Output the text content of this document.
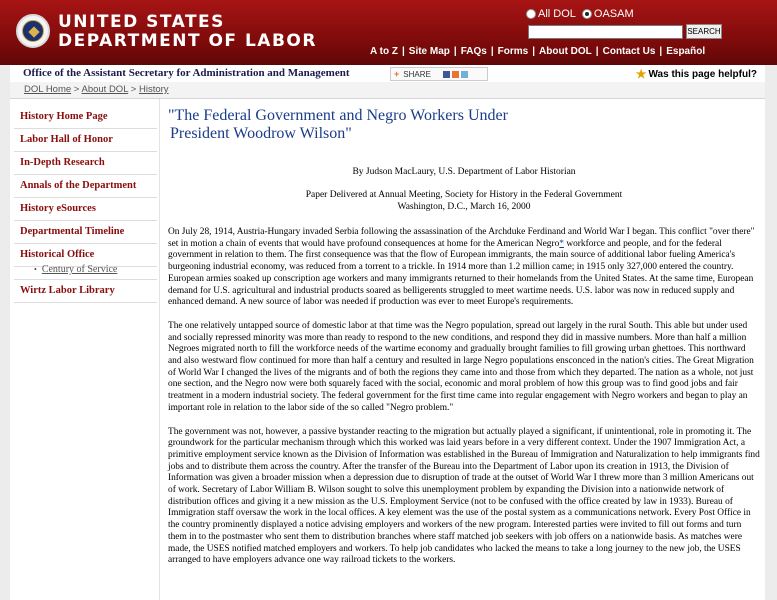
UNITED STATES
DEPARTMENT OF LABOR
All DOL OASAM
SEARCH
A to Z | Site Map | FAQs | Forms | About DOL | Contact Us | Español
Office of the Assistant Secretary for Administration and Management	+ SHARE	★ Was this page helpful?
DOL Home > About DOL > History
History Home Page
Labor Hall of Honor
In-Depth Research
Annals of the Department
History eSources
Departmental Timeline
Historical Office
• Century of Service
Wirtz Labor Library
"The Federal Government and Negro Workers Under
President Woodrow Wilson"
By Judson MacLaury, U.S. Department of Labor Historian
Paper Delivered at Annual Meeting, Society for History in the Federal Government
Washington, D.C., March 16, 2000

On July 28, 1914, Austria-Hungary invaded Serbia following the assassination of the Archduke Ferdinand and World War I began. This conflict "over there" set in motion a chain of events that would have profound consequences at home for the American Negro* workforce and people, and for the federal government in relation to them. The first consequence was that the flow of European immigrants, the main source of additional labor fueling America's burgeoning industrial economy, was reduced from a torrent to a trickle. In 1914 more than 1.2 million came; in 1915 only 327,000 entered the country. European armies soaked up conscription age workers and many immigrants returned to their homelands from the United States. At the same time, European demand for U.S. agricultural and industrial products soared as belligerents struggled to meet wartime needs. U.S. labor was now in reduced supply and enhanced demand. A new source of labor was needed if production was ever to meet Europe's requirements.

The one relatively untapped source of domestic labor at that time was the Negro population, spread out largely in the rural South. This able but under used and socially repressed minority was more than ready to respond to the new conditions, and respond they did in massive numbers. More than half a million Negroes migrated north to fill the workforce needs of the wartime economy and gradually brought families to fill growing urban ghettoes. This northward and also westward flow continued for more than half a century and resulted in large Negro populations ensconced in the nation's cities. The Great Migration of World War I changed the lives of the migrants and of both the regions they came into and those from which they departed. The nation as a whole, not just one section, and the Negro now were both squarely faced with the social, economic and moral problem of how this group was to find good jobs and fair treatment in a modern industrial society. The federal government for the first time came into regular engagement with Negro workers and began to play an important role in relation to the labor side of the so called "Negro problem."

The government was not, however, a passive bystander reacting to the migration but actually played a significant, if unintentional, role in promoting it. The groundwork for the particular mechanism through which this worked was laid years before in a very different context. Under the 1907 Immigration Act, a primitive employment service known as the Division of Information was established in the Bureau of Immigration and Naturalization to help immigrants find jobs and to distribute them across the country. After the transfer of the Bureau into the Department of Labor upon its creation in 1913, the Division of Information was given a broader mission when a depression due to disruption of trade at the outset of World War I threw more than 3 million Americans out of work. Secretary of Labor William B. Wilson sought to solve this unemployment problem by expanding the Division into a nationwide network of distribution offices and giving it a new mission as the U.S. Employment Service (not to be confused with the office created by law in 1933). Bureau of Immigration staff oversaw the work in the local offices. A key element was the use of the postal system as a communications network. Every Post Office in the country prominently displayed a notice advising employers and workers of the new program. Interested parties were invited to fill out forms and turn them in to the postmaster who sent them to distribution branches where staff matched job seekers with job offers on a nationwide basis. As matches were made, the USES notified matched employers and workers. To help job candidates who lacked the means to take a long journey to the new job, the USES arranged to have employers advance one way railroad tickets to the workers.
